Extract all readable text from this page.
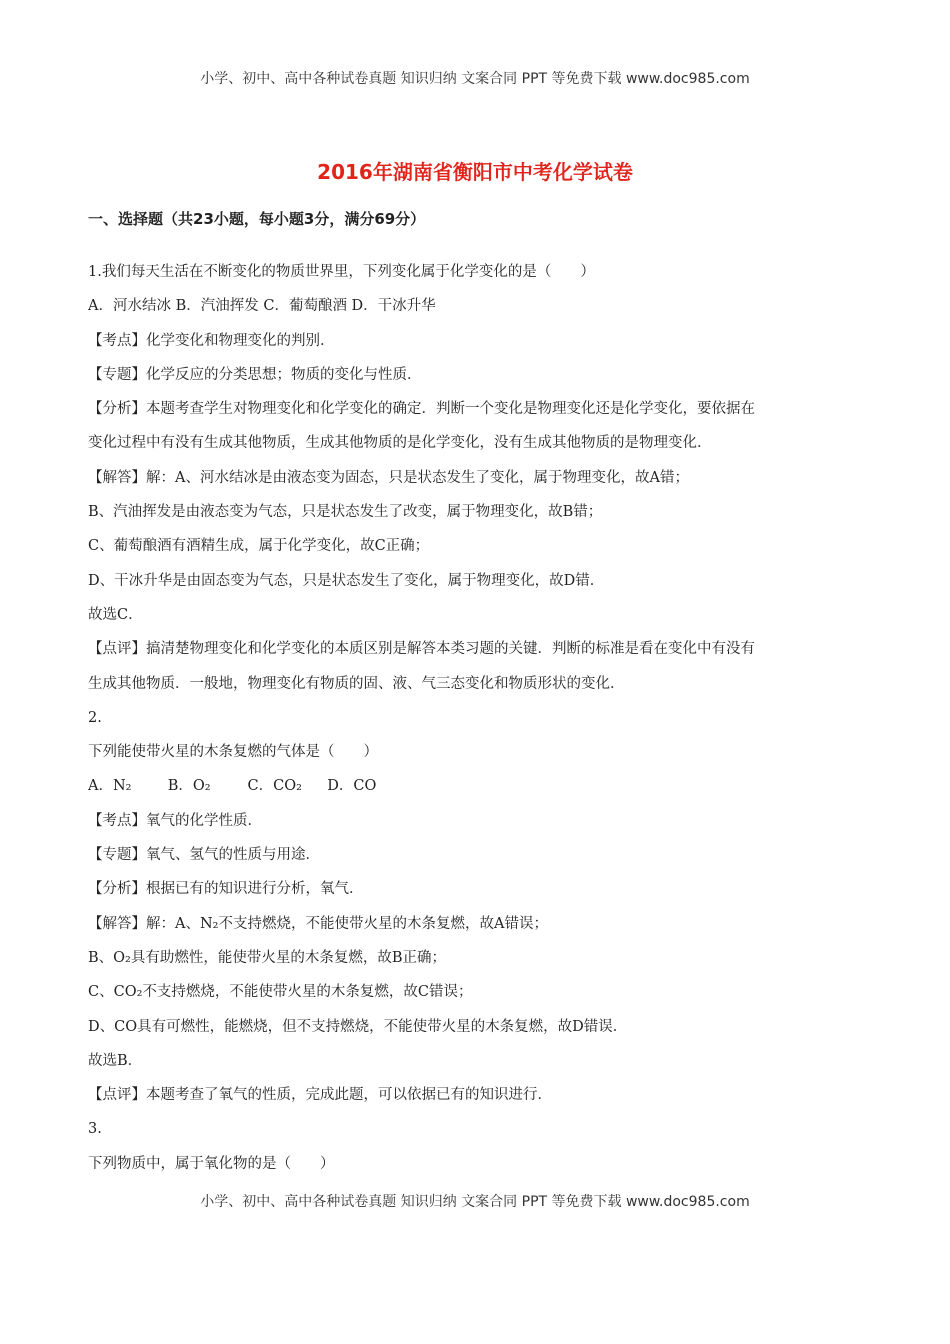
小学、初中、高中各种试卷真题 知识归纳 文案合同 PPT 等免费下载 www.doc985.com
2016年湖南省衡阳市中考化学试卷
一、选择题（共23小题，每小题3分，满分69分）
1.我们每天生活在不断变化的物质世界里，下列变化属于化学变化的是（　　）
A．河水结冰 B．汽油挥发 C．葡萄酿酒 D．干冰升华
【考点】化学变化和物理变化的判别．
【专题】化学反应的分类思想；物质的变化与性质．
【分析】本题考查学生对物理变化和化学变化的确定．判断一个变化是物理变化还是化学变化，要依据在
变化过程中有没有生成其他物质，生成其他物质的是化学变化，没有生成其他物质的是物理变化．
【解答】解：A、河水结冰是由液态变为固态，只是状态发生了变化，属于物理变化，故A错；
B、汽油挥发是由液态变为气态，只是状态发生了改变，属于物理变化，故B错；
C、葡萄酿酒有酒精生成，属于化学变化，故C正确；
D、干冰升华是由固态变为气态，只是状态发生了变化，属于物理变化，故D错．
故选C．
【点评】搞清楚物理变化和化学变化的本质区别是解答本类习题的关键．判断的标准是看在变化中有没有
生成其他物质．一般地，物理变化有物质的固、液、气三态变化和物质形状的变化．
2.
下列能使带火星的木条复燃的气体是（　　）
A．N₂	B．O₂	C．CO₂ D．CO
【考点】氧气的化学性质．
【专题】氧气、氢气的性质与用途．
【分析】根据已有的知识进行分析，氧气．
【解答】解：A、N₂不支持燃烧，不能使带火星的木条复燃，故A错误；
B、O₂具有助燃性，能使带火星的木条复燃，故B正确；
C、CO₂不支持燃烧，不能使带火星的木条复燃，故C错误；
D、CO具有可燃性，能燃烧，但不支持燃烧，不能使带火星的木条复燃，故D错误．
故选B．
【点评】本题考查了氧气的性质，完成此题，可以依据已有的知识进行．
3.
下列物质中，属于氧化物的是（　　）
小学、初中、高中各种试卷真题 知识归纳 文案合同 PPT 等免费下载 www.doc985.com
